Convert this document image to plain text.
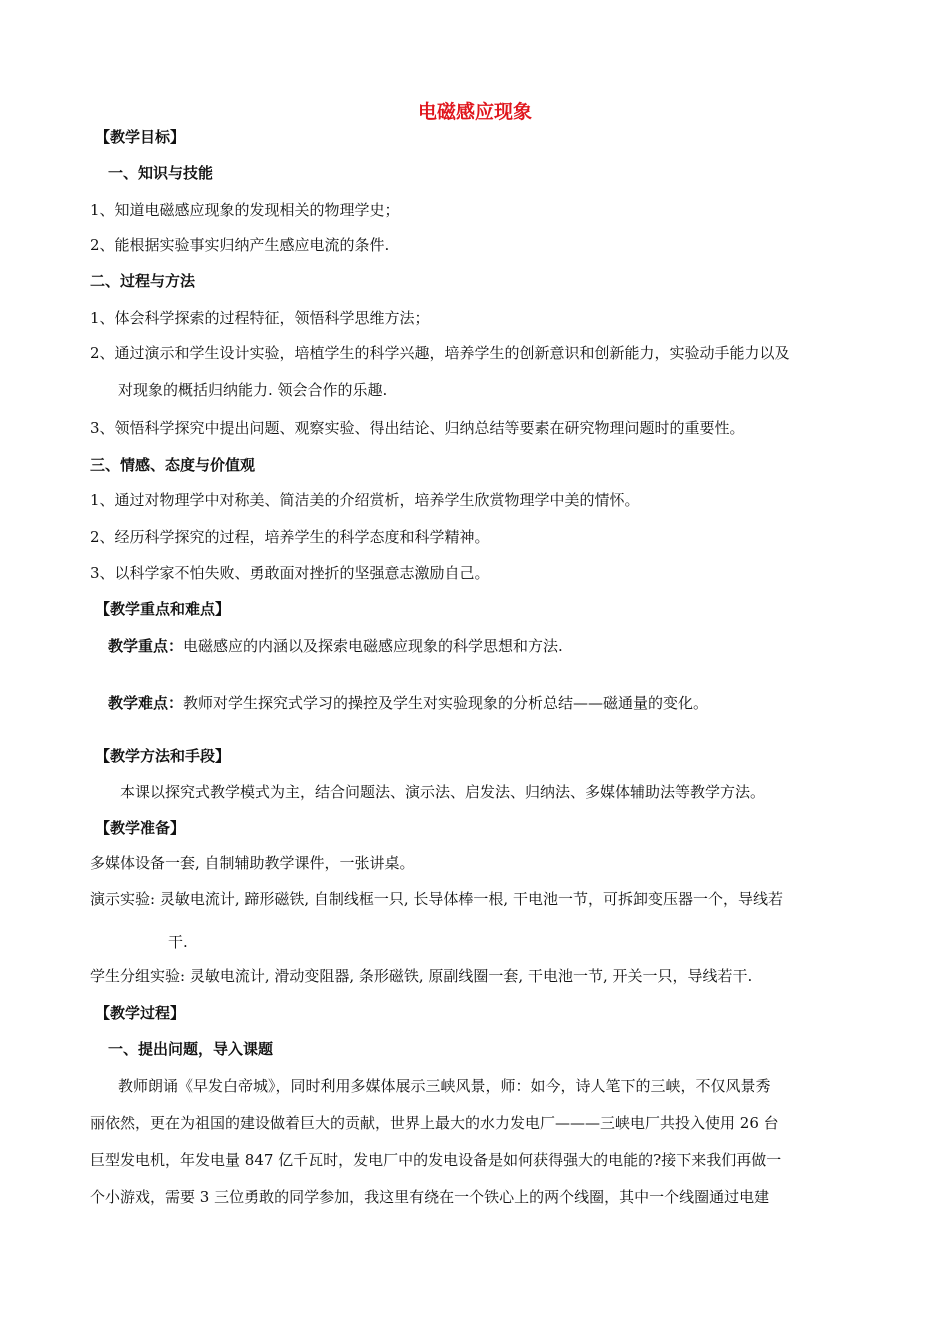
电磁感应现象
【教学目标】
一、知识与技能
1、知道电磁感应现象的发现相关的物理学史；
2、能根据实验事实归纳产生感应电流的条件.
二、过程与方法
1、体会科学探索的过程特征，领悟科学思维方法；
2、通过演示和学生设计实验，培植学生的科学兴趣，培养学生的创新意识和创新能力，实验动手能力以及
对现象的概括归纳能力. 领会合作的乐趣.
3、领悟科学探究中提出问题、观察实验、得出结论、归纳总结等要素在研究物理问题时的重要性。
三、情感、态度与价值观
1、通过对物理学中对称美、简洁美的介绍赏析，培养学生欣赏物理学中美的情怀。
2、经历科学探究的过程，培养学生的科学态度和科学精神。
3、以科学家不怕失败、勇敢面对挫折的坚强意志激励自己。
【教学重点和难点】
教学重点：电磁感应的内涵以及探索电磁感应现象的科学思想和方法.
教学难点：教师对学生探究式学习的操控及学生对实验现象的分析总结——磁通量的变化。
【教学方法和手段】
本课以探究式教学模式为主，结合问题法、演示法、启发法、归纳法、多媒体辅助法等教学方法。
【教学准备】
多媒体设备一套, 自制辅助教学课件，一张讲桌。
演示实验: 灵敏电流计, 蹄形磁铁, 自制线框一只, 长导体棒一根, 干电池一节，可拆卸变压器一个，导线若
干.
学生分组实验: 灵敏电流计, 滑动变阻器, 条形磁铁, 原副线圈一套, 干电池一节, 开关一只，导线若干.
【教学过程】
一、提出问题，导入课题
教师朗诵《早发白帝城》，同时利用多媒体展示三峡风景，师：如今，诗人笔下的三峡，不仅风景秀
丽依然，更在为祖国的建设做着巨大的贡献，世界上最大的水力发电厂———三峡电厂共投入使用 26 台
巨型发电机，年发电量 847 亿千瓦时，发电厂中的发电设备是如何获得强大的电能的?接下来我们再做一
个小游戏，需要 3 三位勇敢的同学参加，我这里有绕在一个铁心上的两个线圈，其中一个线圈通过电建
